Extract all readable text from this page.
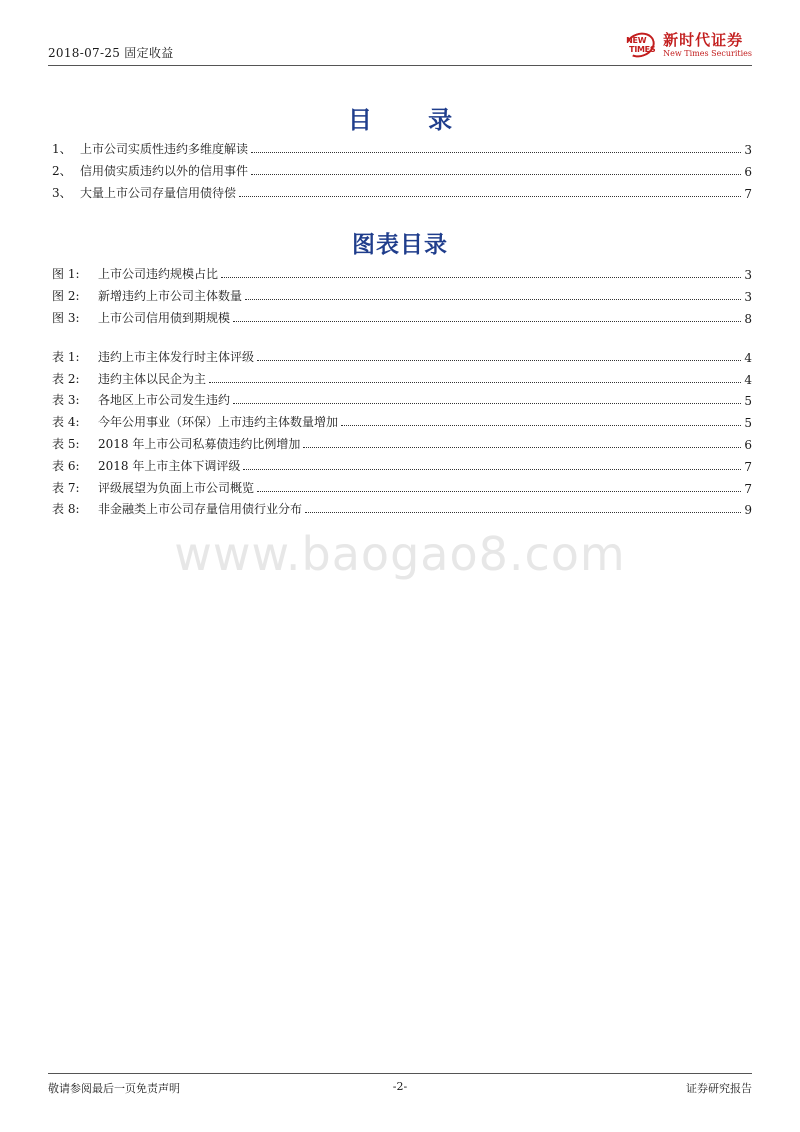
2018-07-25 固定收益
NEW
TIMES
新时代证券
New Times Securities
目 录
1、 上市公司实质性违约多维度解读	3
2、 信用债实质违约以外的信用事件	6
3、 大量上市公司存量信用债待偿	7
图表目录
图 1:	上市公司违约规模占比	3
图 2:	新增违约上市公司主体数量	3
图 3:	上市公司信用债到期规模	8
表 1:	违约上市主体发行时主体评级	4
表 2:	违约主体以民企为主	4
表 3:	各地区上市公司发生违约	5
表 4:	今年公用事业（环保）上市违约主体数量增加	5
表 5:	2018 年上市公司私募债违约比例增加	6
表 6:	2018 年上市主体下调评级	7
表 7:	评级展望为负面上市公司概览	7
表 8:	非金融类上市公司存量信用债行业分布	9
www.baogao8.com
敬请参阅最后一页免责声明	-2-	证券研究报告
